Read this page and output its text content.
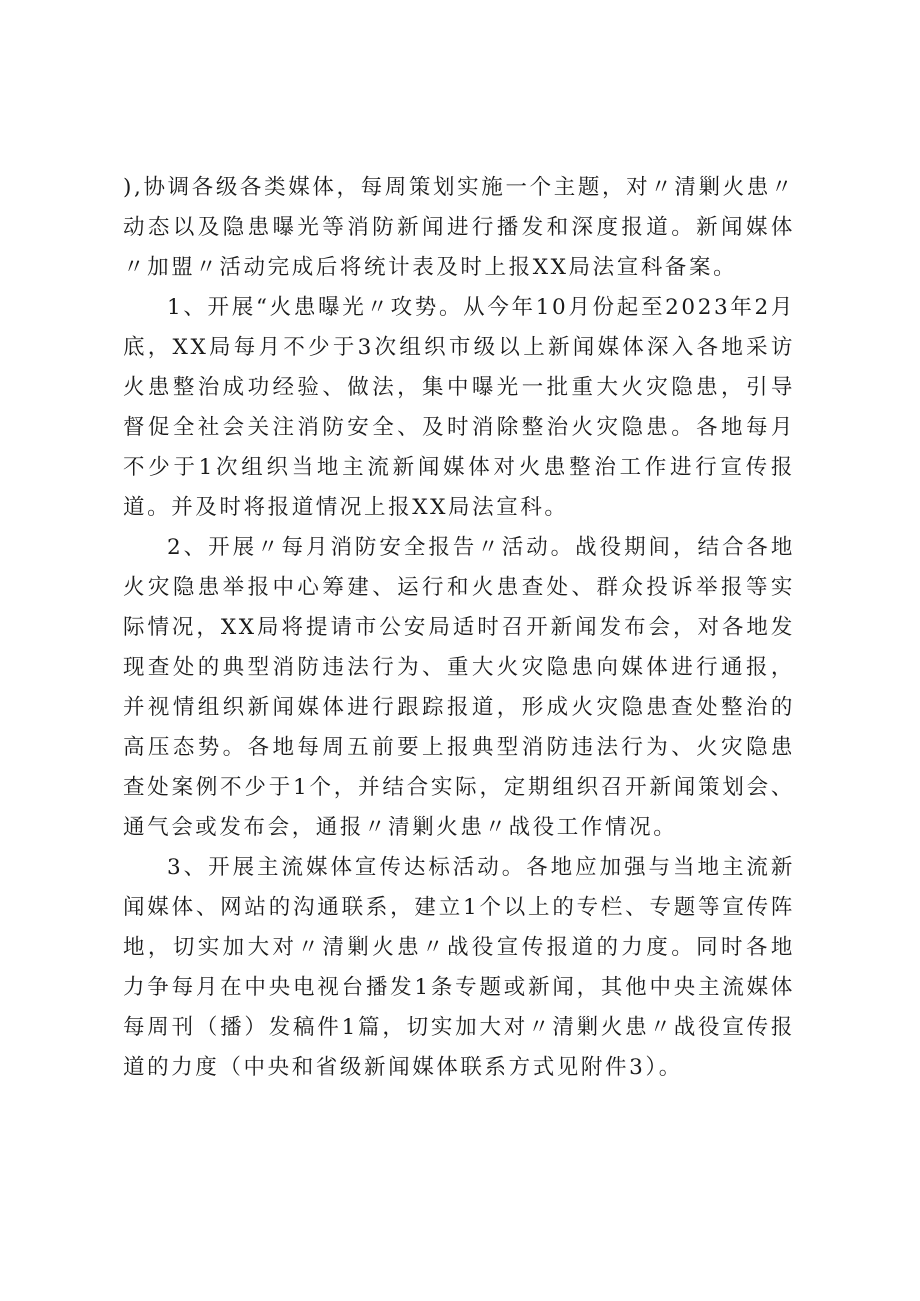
),协调各级各类媒体，每周策划实施一个主题，对〃清剿火患〃动态以及隐患曝光等消防新闻进行播发和深度报道。新闻媒体〃加盟〃活动完成后将统计表及时上报XX局法宣科备案。

1、开展“火患曝光〃攻势。从今年10月份起至2023年2月底，XX局每月不少于3次组织市级以上新闻媒体深入各地采访火患整治成功经验、做法，集中曝光一批重大火灾隐患，引导督促全社会关注消防安全、及时消除整治火灾隐患。各地每月不少于1次组织当地主流新闻媒体对火患整治工作进行宣传报道。并及时将报道情况上报XX局法宣科。

2、开展〃每月消防安全报告〃活动。战役期间，结合各地火灾隐患举报中心筹建、运行和火患查处、群众投诉举报等实际情况，XX局将提请市公安局适时召开新闻发布会，对各地发现查处的典型消防违法行为、重大火灾隐患向媒体进行通报，并视情组织新闻媒体进行跟踪报道，形成火灾隐患查处整治的高压态势。各地每周五前要上报典型消防违法行为、火灾隐患查处案例不少于1个，并结合实际，定期组织召开新闻策划会、通气会或发布会，通报〃清剿火患〃战役工作情况。

3、开展主流媒体宣传达标活动。各地应加强与当地主流新闻媒体、网站的沟通联系，建立1个以上的专栏、专题等宣传阵地，切实加大对〃清剿火患〃战役宣传报道的力度。同时各地力争每月在中央电视台播发1条专题或新闻，其他中央主流媒体每周刊（播）发稿件1篇，切实加大对〃清剿火患〃战役宣传报道的力度（中央和省级新闻媒体联系方式见附件3）。
